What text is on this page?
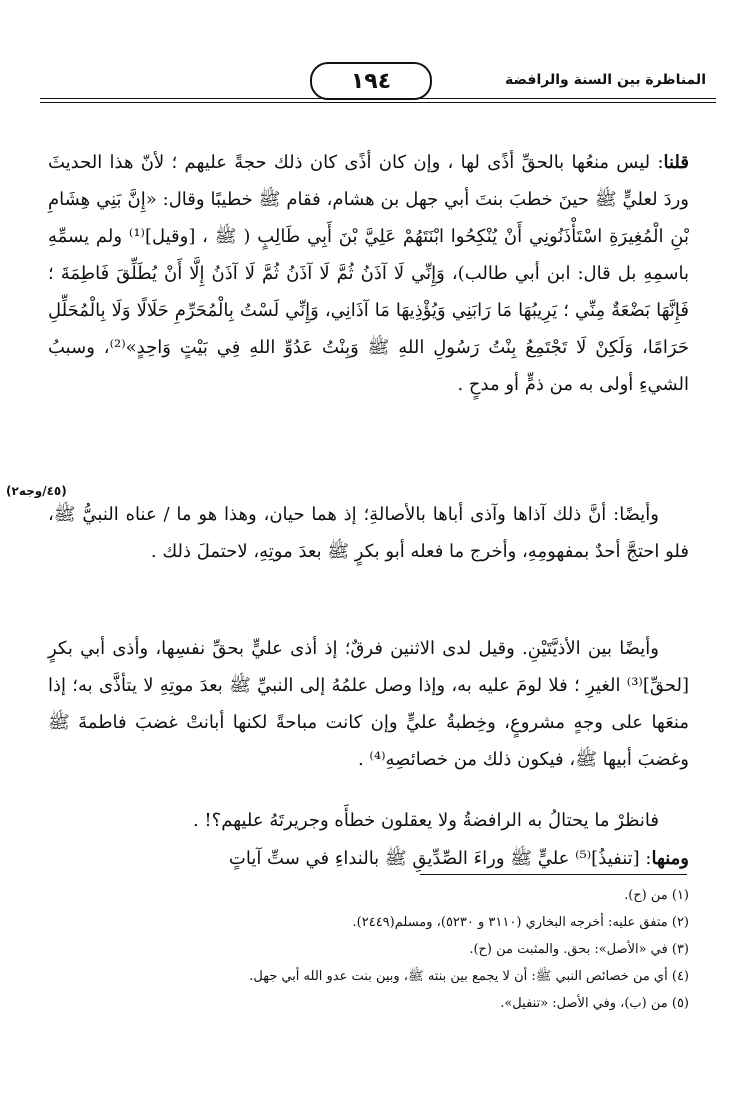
المناظرة بين السنة والرافضة
١٩٤

قلنا: ليس منعُها بالحقِّ أذًى لها ، وإن كان أذًى كان ذلك حجةً عليهم ؛ لأنّ هذا الحديثَ وردَ لعليٍّ ﷺ حينَ خطبَ بنتَ أبي جهل بن هشام، فقام ﷺ خطيبًا وقال: «إِنَّ بَنِي هِشَامِ بْنِ الْمُغِيرَةِ اسْتَأْذَنُونِي أَنْ يُنْكِحُوا ابْنَتَهُمْ عَلِيَّ بْنَ أَبِي طَالِبٍ ( ﷺ ، [وقيل]⁽¹⁾ ولم يسمِّهِ باسمِهِ بل قال: ابن أبي طالب)، وَإِنِّي لَا آذَنُ ثُمَّ لَا آذَنُ ثُمَّ لَا آذَنُ إِلَّا أَنْ يُطَلِّقَ فَاطِمَةَ ؛ فَإِنَّهَا بَضْعَةٌ مِنِّي ؛ يَرِيبُهَا مَا رَابَنِي وَيُؤْذِيهَا مَا آذَانِي، وَإِنِّي لَسْتُ بِالْمُحَرِّمِ حَلَالًا وَلَا بِالْمُحَلِّلِ حَرَامًا، وَلَكِنْ لَا تَجْتَمِعُ بِنْتُ رَسُولِ اللهِ ﷺ وَبِنْتُ عَدُوِّ اللهِ فِي بَيْتٍ وَاحِدٍ»⁽²⁾، وسببُ الشيءِ أولى به من ذمٍّ أو مدحٍ .

(٤٥/وجه٢)

وأيضًا: أنَّ ذلك آذاها وآذى أباها بالأصالةِ؛ إذ هما حيان، وهذا هو ما / عناه النبيُّ ﷺ، فلو احتجَّ أحدٌ بمفهومِهِ، وأخرج ما فعله أبو بكرٍ ﷺ بعدَ موتِهِ، لاحتملَ ذلك .

وأيضًا بين الأذيَّتَيْنِ. وقيل لدى الاثنين فرقٌ؛ إذ أذى عليٍّ بحقِّ نفسِها، وأذى أبي بكرٍ [لحقِّ]⁽³⁾ الغيرِ ؛ فلا لومَ عليه به، وإذا وصل علمُهُ إلى النبيِّ ﷺ بعدَ موتِهِ لا يتأذَّى به؛ إذا منعَها على وجهٍ مشروعٍ، وخِطبةُ عليٍّ وإن كانت مباحةً لكنها أبانتْ غضبَ فاطمةَ ﷺ وغضبَ أبيها ﷺ، فيكون ذلك من خصائصِهِ⁽⁴⁾ .

فانظرْ ما يحتالُ به الرافضةُ ولا يعقلون خطأَه وجريرتَهُ عليهم؟! .

ومنها: [تنفيذُ]⁽⁵⁾ عليٍّ ﷺ وراءَ الصِّدِّيقِ ﷺ بالنداءِ في ستِّ آياتٍ

(١) من (ح).
(٢) متفق عليه: أخرجه البخاري (٣١١٠ و ٥٢٣٠)، ومسلم(٢٤٤٩).
(٣) في «الأصل»: بحق. والمثبت من (ح).
(٤) أي من خصائص النبي ﷺ: أن لا يجمع بين بنته ﷺ، وبين بنت عدو الله أبي جهل.
(٥) من (ب)، وفي الأصل: «تنفيل».
